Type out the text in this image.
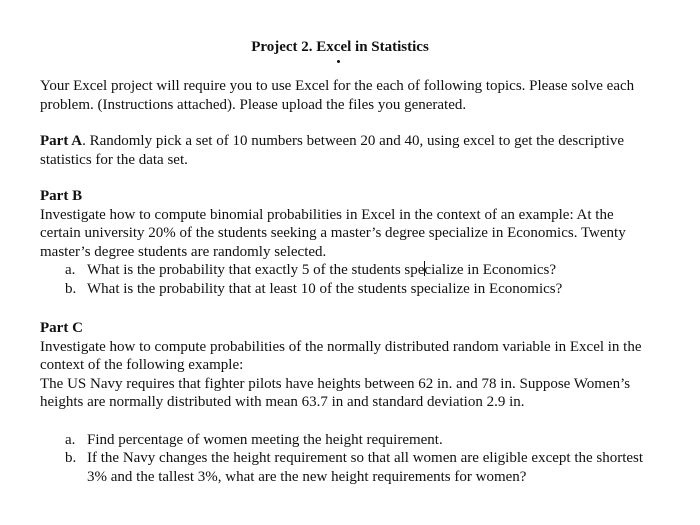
Project 2. Excel in Statistics

Your Excel project will require you to use Excel for the each of following topics. Please solve each problem. (Instructions attached). Please upload the files you generated.

Part A. Randomly pick a set of 10 numbers between 20 and 40, using excel to get the descriptive statistics for the data set.

Part B

Investigate how to compute binomial probabilities in Excel in the context of an example: At the certain university 20% of the students seeking a master’s degree specialize in Economics. Twenty master’s degree students are randomly selected.

a. What is the probability that exactly 5 of the students specialize in Economics?
b. What is the probability that at least 10 of the students specialize in Economics?

Part C

Investigate how to compute probabilities of the normally distributed random variable in Excel in the context of the following example:

The US Navy requires that fighter pilots have heights between 62 in. and 78 in. Suppose Women’s heights are normally distributed with mean 63.7 in and standard deviation 2.9 in.

a. Find percentage of women meeting the height requirement.
b. If the Navy changes the height requirement so that all women are eligible except the shortest 3% and the tallest 3%, what are the new height requirements for women?
